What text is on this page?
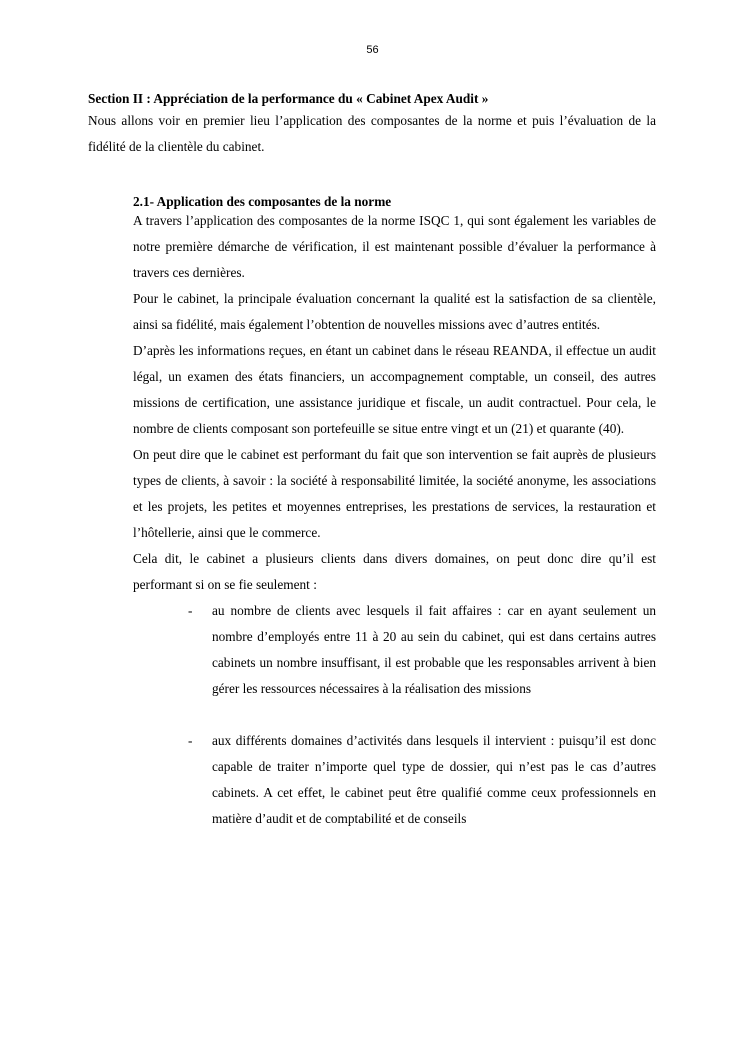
56
Section II : Appréciation de la performance du « Cabinet Apex Audit »

Nous allons voir en premier lieu l’application des composantes de la norme et puis l’évaluation de la fidélité de la clientèle du cabinet.

2.1- Application des composantes de la norme

A travers l’application des composantes de la norme ISQC 1, qui sont également les variables de notre première démarche de vérification, il est maintenant possible d’évaluer la performance à travers ces dernières.

Pour le cabinet, la principale évaluation concernant la qualité est la satisfaction de sa clientèle, ainsi sa fidélité, mais également l’obtention de nouvelles missions avec d’autres entités.

D’après les informations reçues, en étant un cabinet dans le réseau REANDA, il effectue un audit légal, un examen des états financiers, un accompagnement comptable, un conseil, des autres missions de certification, une assistance juridique et fiscale, un audit contractuel. Pour cela, le nombre de clients composant son portefeuille se situe entre vingt et un (21) et quarante (40).

On peut dire que le cabinet est performant du fait que son intervention se fait auprès de plusieurs types de clients, à savoir : la société à responsabilité limitée, la société anonyme, les associations et les projets, les petites et moyennes entreprises, les prestations de services, la restauration et l’hôtellerie, ainsi que le commerce.

Cela dit, le cabinet a plusieurs clients dans divers domaines, on peut donc dire qu’il est performant si on se fie seulement :

- au nombre de clients avec lesquels il fait affaires : car en ayant seulement un nombre d’employés entre 11 à 20 au sein du cabinet, qui est dans certains autres cabinets un nombre insuffisant, il est probable que les responsables arrivent à bien gérer les ressources nécessaires à la réalisation des missions
- aux différents domaines d’activités dans lesquels il intervient : puisqu’il est donc capable de traiter n’importe quel type de dossier, qui n’est pas le cas d’autres cabinets. A cet effet, le cabinet peut être qualifié comme ceux professionnels en matière d’audit et de comptabilité et de conseils
